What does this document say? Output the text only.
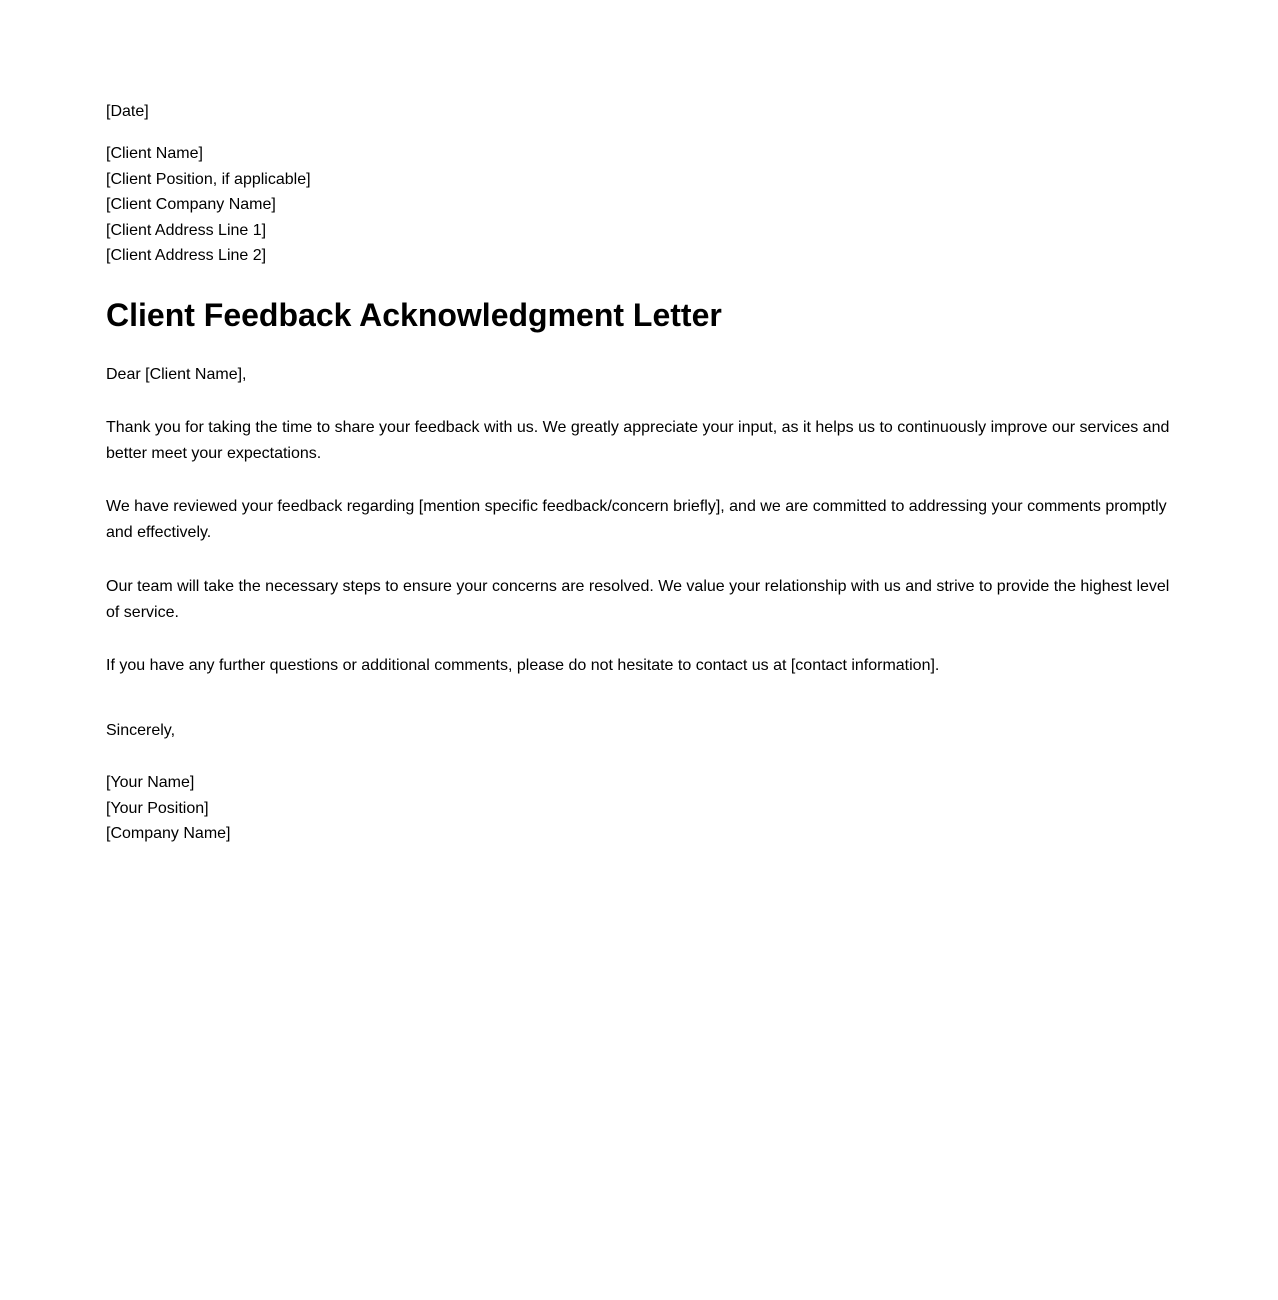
[Date]
[Client Name]
[Client Position, if applicable]
[Client Company Name]
[Client Address Line 1]
[Client Address Line 2]
Client Feedback Acknowledgment Letter
Dear [Client Name],

Thank you for taking the time to share your feedback with us. We greatly appreciate your input, as it helps us to continuously improve our services and better meet your expectations.

We have reviewed your feedback regarding [mention specific feedback/concern briefly], and we are committed to addressing your comments promptly and effectively.

Our team will take the necessary steps to ensure your concerns are resolved. We value your relationship with us and strive to provide the highest level of service.

If you have any further questions or additional comments, please do not hesitate to contact us at [contact information].

Sincerely,
[Your Name]
[Your Position]
[Company Name]
